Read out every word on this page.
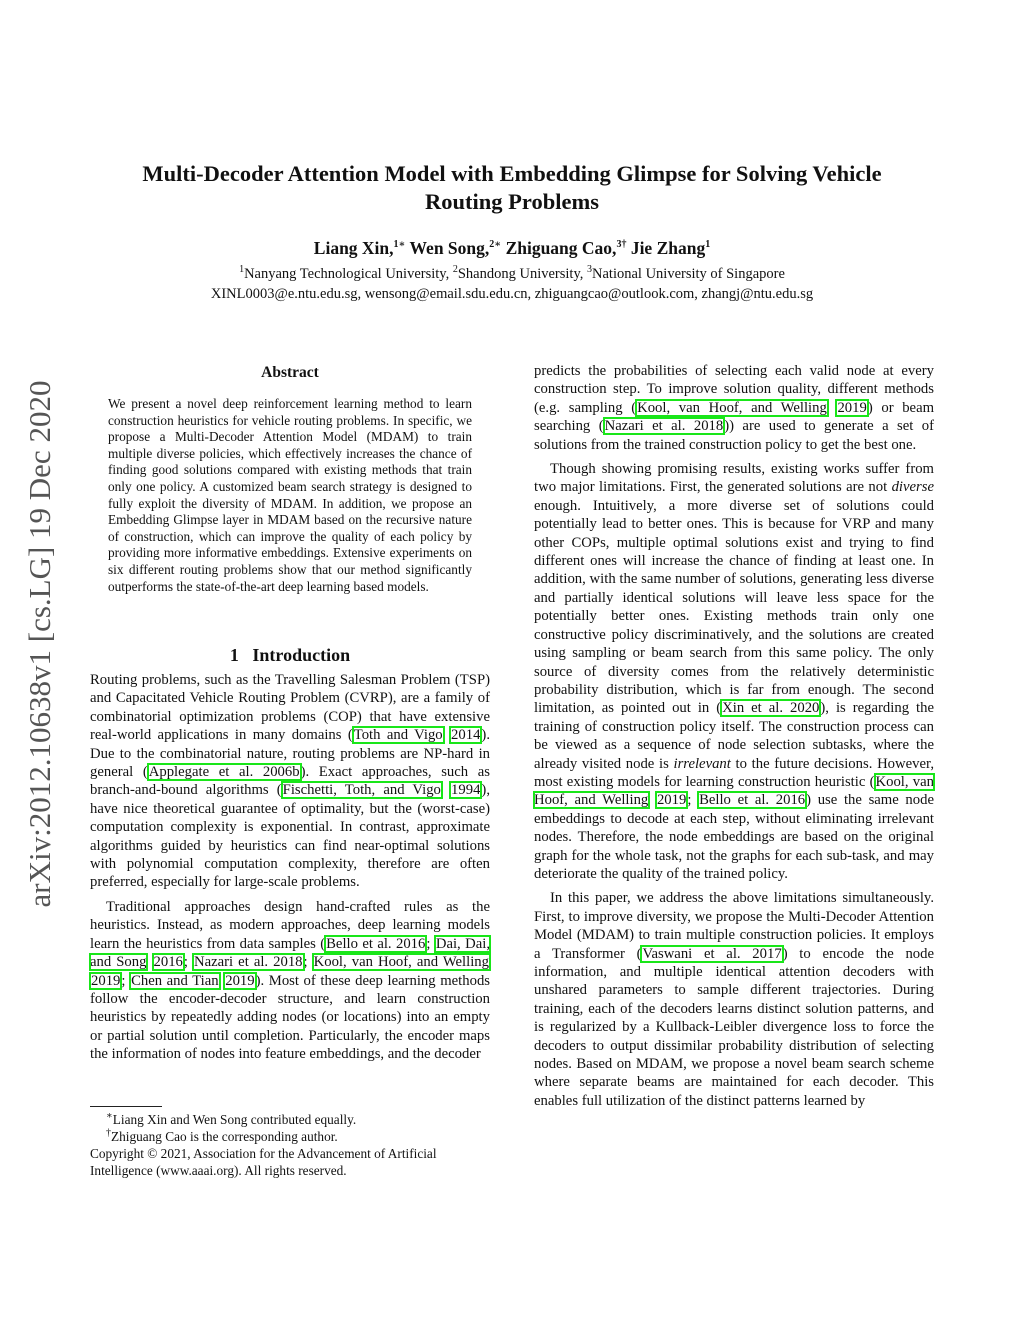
Multi-Decoder Attention Model with Embedding Glimpse for Solving Vehicle
Routing Problems

Liang Xin,$^{1∗}$ Wen Song,$^{2∗}$ Zhiguang Cao,$^{3\dagger}$ Jie Zhang$^1$

$^1$Nanyang Technological University, $^2$Shandong University, $^3$National University of Singapore

XINL0003@e.ntu.edu.sg, wensong@email.sdu.edu.cn, zhiguangcao@outlook.com, zhangj@ntu.edu.sg

arXiv:2012.10638v1 [cs.LG] 19 Dec 2020
Abstract

We present a novel deep reinforcement learning method to learn construction heuristics for vehicle routing problems. In specific, we propose a Multi-Decoder Attention Model (MDAM) to train multiple diverse policies, which effectively increases the chance of finding good solutions compared with existing methods that train only one policy. A customized beam search strategy is designed to fully exploit the diversity of MDAM. In addition, we propose an Embedding Glimpse layer in MDAM based on the recursive nature of construction, which can improve the quality of each policy by providing more informative embeddings. Extensive experiments on six different routing problems show that our method significantly outperforms the state-of-the-art deep learning based models.

1 Introduction

Routing problems, such as the Travelling Salesman Problem (TSP) and Capacitated Vehicle Routing Problem (CVRP), are a family of combinatorial optimization problems (COP) that have extensive real-world applications in many domains (Toth and Vigo 2014). Due to the combinatorial nature, routing problems are NP-hard in general (Applegate et al. 2006b). Exact approaches, such as branch-and-bound algorithms (Fischetti, Toth, and Vigo 1994), have nice theoretical guarantee of optimality, but the (worst-case) computation complexity is exponential. In contrast, approximate algorithms guided by heuristics can find near-optimal solutions with polynomial computation complexity, therefore are often preferred, especially for large-scale problems.

Traditional approaches design hand-crafted rules as the heuristics. Instead, as modern approaches, deep learning models learn the heuristics from data samples (Bello et al. 2016; Dai, Dai, and Song 2016; Nazari et al. 2018; Kool, van Hoof, and Welling 2019; Chen and Tian 2019). Most of these deep learning methods follow the encoder-decoder structure, and learn construction heuristics by repeatedly adding nodes (or locations) into an empty or partial solution until completion. Particularly, the encoder maps the information of nodes into feature embeddings, and the decoder

∗Liang Xin and Wen Song contributed equally.

†Zhiguang Cao is the corresponding author.

Copyright © 2021, Association for the Advancement of Artificial Intelligence (www.aaai.org). All rights reserved.

predicts the probabilities of selecting each valid node at every construction step. To improve solution quality, different methods (e.g. sampling (Kool, van Hoof, and Welling 2019) or beam searching (Nazari et al. 2018)) are used to generate a set of solutions from the trained construction policy to get the best one.

Though showing promising results, existing works suffer from two major limitations. First, the generated solutions are not diverse enough. Intuitively, a more diverse set of solutions could potentially lead to better ones. This is because for VRP and many other COPs, multiple optimal solutions exist and trying to find different ones will increase the chance of finding at least one. In addition, with the same number of solutions, generating less diverse and partially identical solutions will leave less space for the potentially better ones. Existing methods train only one constructive policy discriminatively, and the solutions are created using sampling or beam search from this same policy. The only source of diversity comes from the relatively deterministic probability distribution, which is far from enough. The second limitation, as pointed out in (Xin et al. 2020), is regarding the training of construction policy itself. The construction process can be viewed as a sequence of node selection subtasks, where the already visited node is irrelevant to the future decisions. However, most existing models for learning construction heuristic (Kool, van Hoof, and Welling 2019; Bello et al. 2016) use the same node embeddings to decode at each step, without eliminating irrelevant nodes. Therefore, the node embeddings are based on the original graph for the whole task, not the graphs for each sub-task, and may deteriorate the quality of the trained policy.

In this paper, we address the above limitations simultaneously. First, to improve diversity, we propose the Multi-Decoder Attention Model (MDAM) to train multiple construction policies. It employs a Transformer (Vaswani et al. 2017) to encode the node information, and multiple identical attention decoders with unshared parameters to sample different trajectories. During training, each of the decoders learns distinct solution patterns, and is regularized by a Kullback-Leibler divergence loss to force the decoders to output dissimilar probability distribution of selecting nodes. Based on MDAM, we propose a novel beam search scheme where separate beams are maintained for each decoder. This enables full utilization of the distinct patterns learned by
